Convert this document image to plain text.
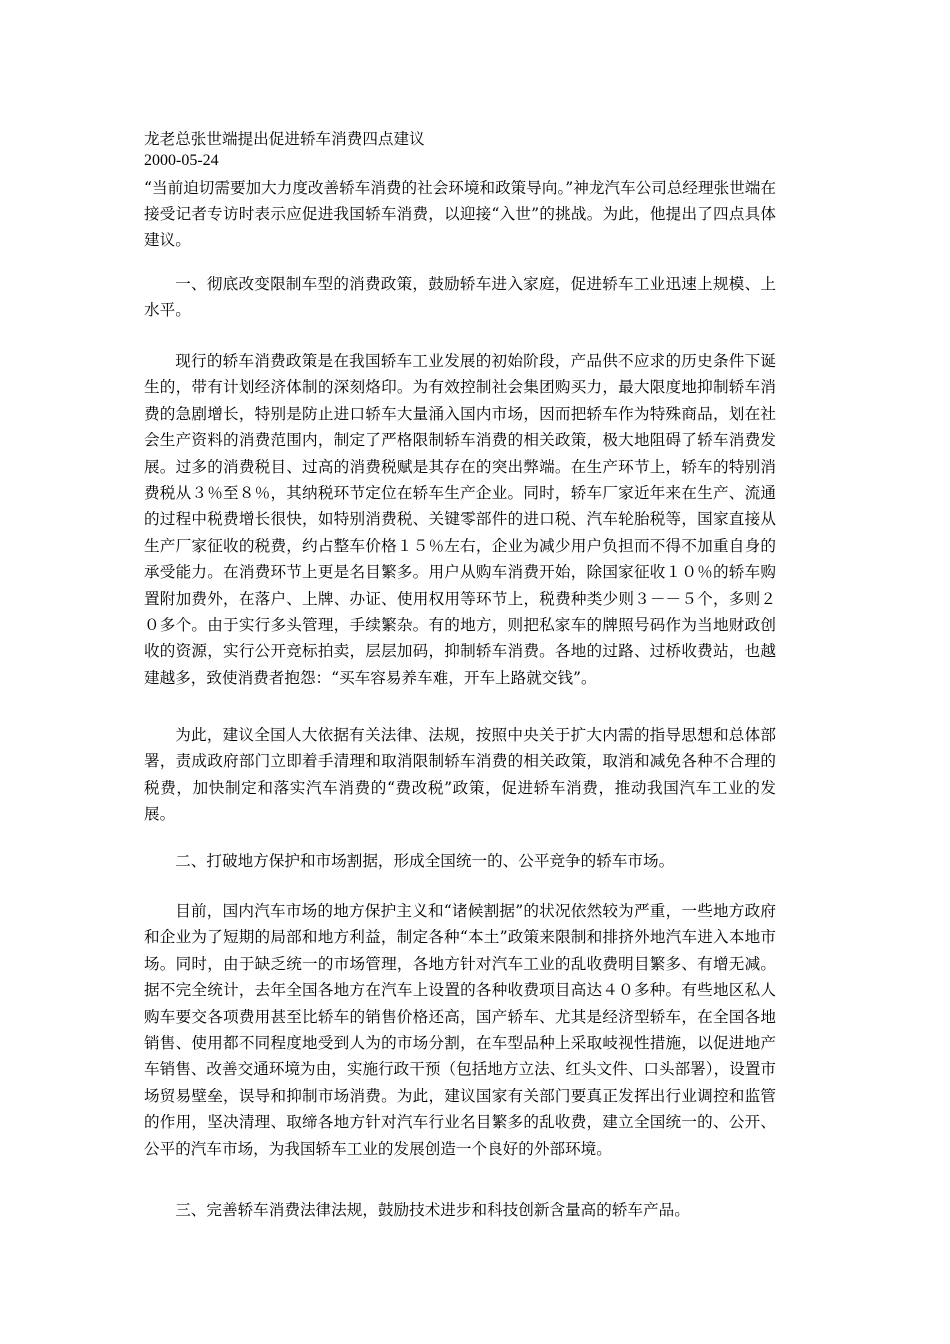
龙老总张世端提出促进轿车消费四点建议
2000-05-24

“当前迫切需要加大力度改善轿车消费的社会环境和政策导向。”神龙汽车公司总经理张世端在接受记者专访时表示应促进我国轿车消费，以迎接“入世”的挑战。为此，他提出了四点具体建议。

一、彻底改变限制车型的消费政策，鼓励轿车进入家庭，促进轿车工业迅速上规模、上水平。

现行的轿车消费政策是在我国轿车工业发展的初始阶段，产品供不应求的历史条件下诞生的，带有计划经济体制的深刻烙印。为有效控制社会集团购买力，最大限度地抑制轿车消费的急剧增长，特别是防止进口轿车大量涌入国内市场，因而把轿车作为特殊商品，划在社会生产资料的消费范围内，制定了严格限制轿车消费的相关政策，极大地阻碍了轿车消费发展。过多的消费税目、过高的消费税赋是其存在的突出弊端。在生产环节上，轿车的特别消费税从３％至８％，其纳税环节定位在轿车生产企业。同时，轿车厂家近年来在生产、流通的过程中税费增长很快，如特别消费税、关键零部件的进口税、汽车轮胎税等，国家直接从生产厂家征收的税费，约占整车价格１５％左右，企业为减少用户负担而不得不加重自身的承受能力。在消费环节上更是名目繁多。用户从购车消费开始，除国家征收１０％的轿车购置附加费外，在落户、上牌、办证、使用权用等环节上，税费种类少则３－－５个，多则２０多个。由于实行多头管理，手续繁杂。有的地方，则把私家车的牌照号码作为当地财政创收的资源，实行公开竞标拍卖，层层加码，抑制轿车消费。各地的过路、过桥收费站，也越建越多，致使消费者抱怨：“买车容易养车难，开车上路就交钱”。

为此，建议全国人大依据有关法律、法规，按照中央关于扩大内需的指导思想和总体部署，责成政府部门立即着手清理和取消限制轿车消费的相关政策，取消和减免各种不合理的税费，加快制定和落实汽车消费的“费改税”政策，促进轿车消费，推动我国汽车工业的发展。

二、打破地方保护和市场割据，形成全国统一的、公平竞争的轿车市场。

目前，国内汽车市场的地方保护主义和“诸候割据”的状况依然较为严重，一些地方政府和企业为了短期的局部和地方利益，制定各种“本土”政策来限制和排挤外地汽车进入本地市场。同时，由于缺乏统一的市场管理，各地方针对汽车工业的乱收费明目繁多、有增无减。据不完全统计，去年全国各地方在汽车上设置的各种收费项目高达４０多种。有些地区私人购车要交各项费用甚至比轿车的销售价格还高，国产轿车、尤其是经济型轿车，在全国各地销售、使用都不同程度地受到人为的市场分割，在车型品种上采取岐视性措施，以促进地产车销售、改善交通环境为由，实施行政干预（包括地方立法、红头文件、口头部署），设置市场贸易壁垒，误导和抑制市场消费。为此，建议国家有关部门要真正发挥出行业调控和监管的作用，坚决清理、取缔各地方针对汽车行业名目繁多的乱收费，建立全国统一的、公开、公平的汽车市场，为我国轿车工业的发展创造一个良好的外部环境。

三、完善轿车消费法律法规，鼓励技术进步和科技创新含量高的轿车产品。
